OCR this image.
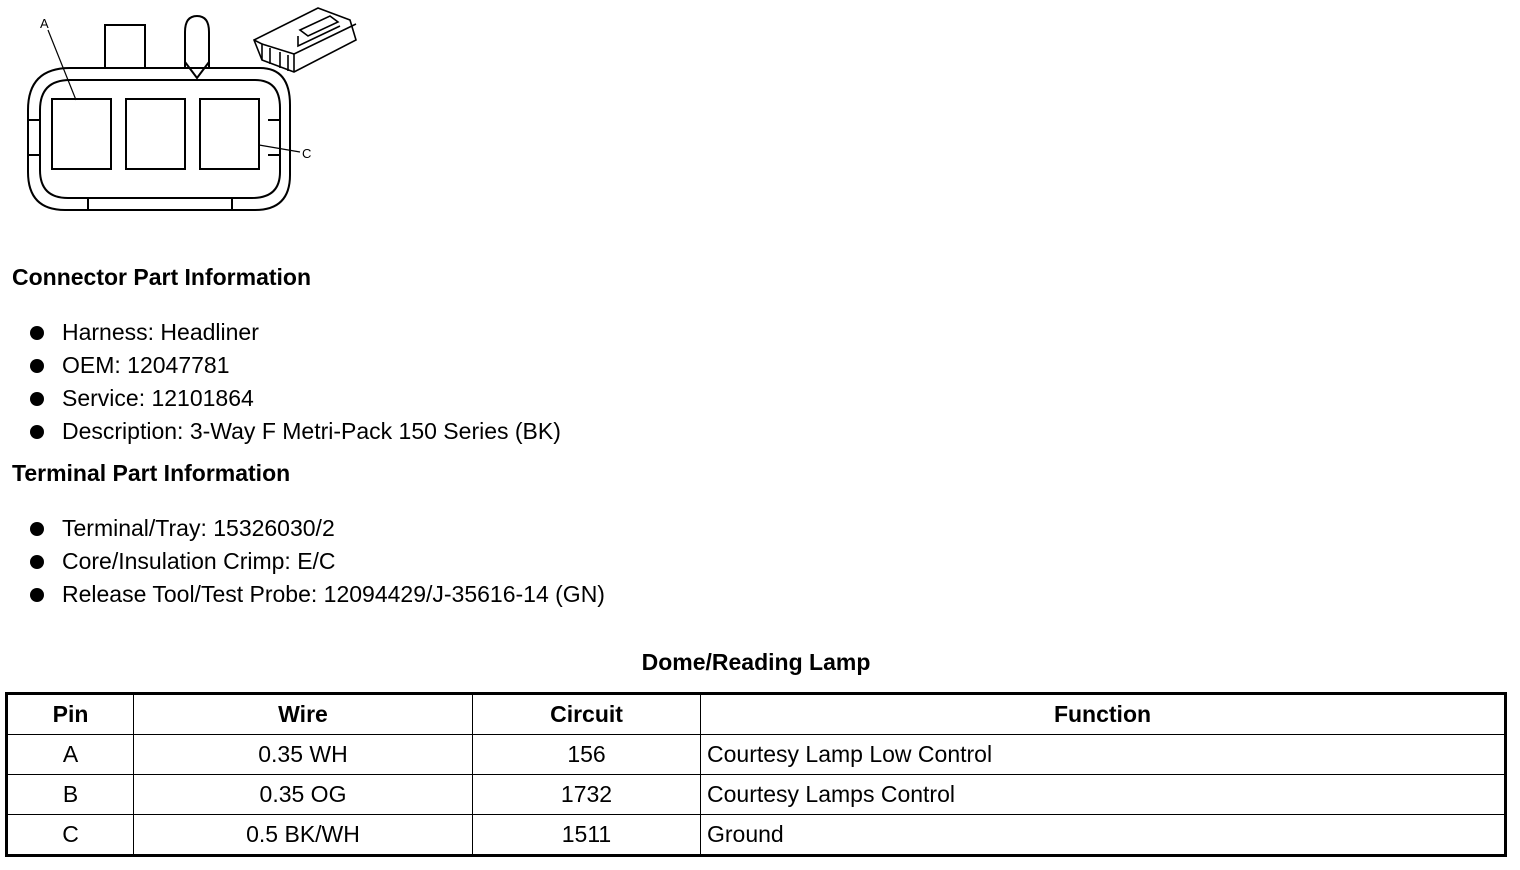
A
C
Connector Part Information
Harness: Headliner
OEM: 12047781
Service: 12101864
Description: 3-Way F Metri-Pack 150 Series (BK)
Terminal Part Information
Terminal/Tray: 15326030/2
Core/Insulation Crimp: E/C
Release Tool/Test Probe: 12094429/J-35616-14 (GN)
Dome/Reading Lamp
Pin	Wire	Circuit	Function
A	0.35 WH	156	Courtesy Lamp Low Control
B	0.35 OG	1732	Courtesy Lamps Control
C	0.5 BK/WH	1511	Ground
